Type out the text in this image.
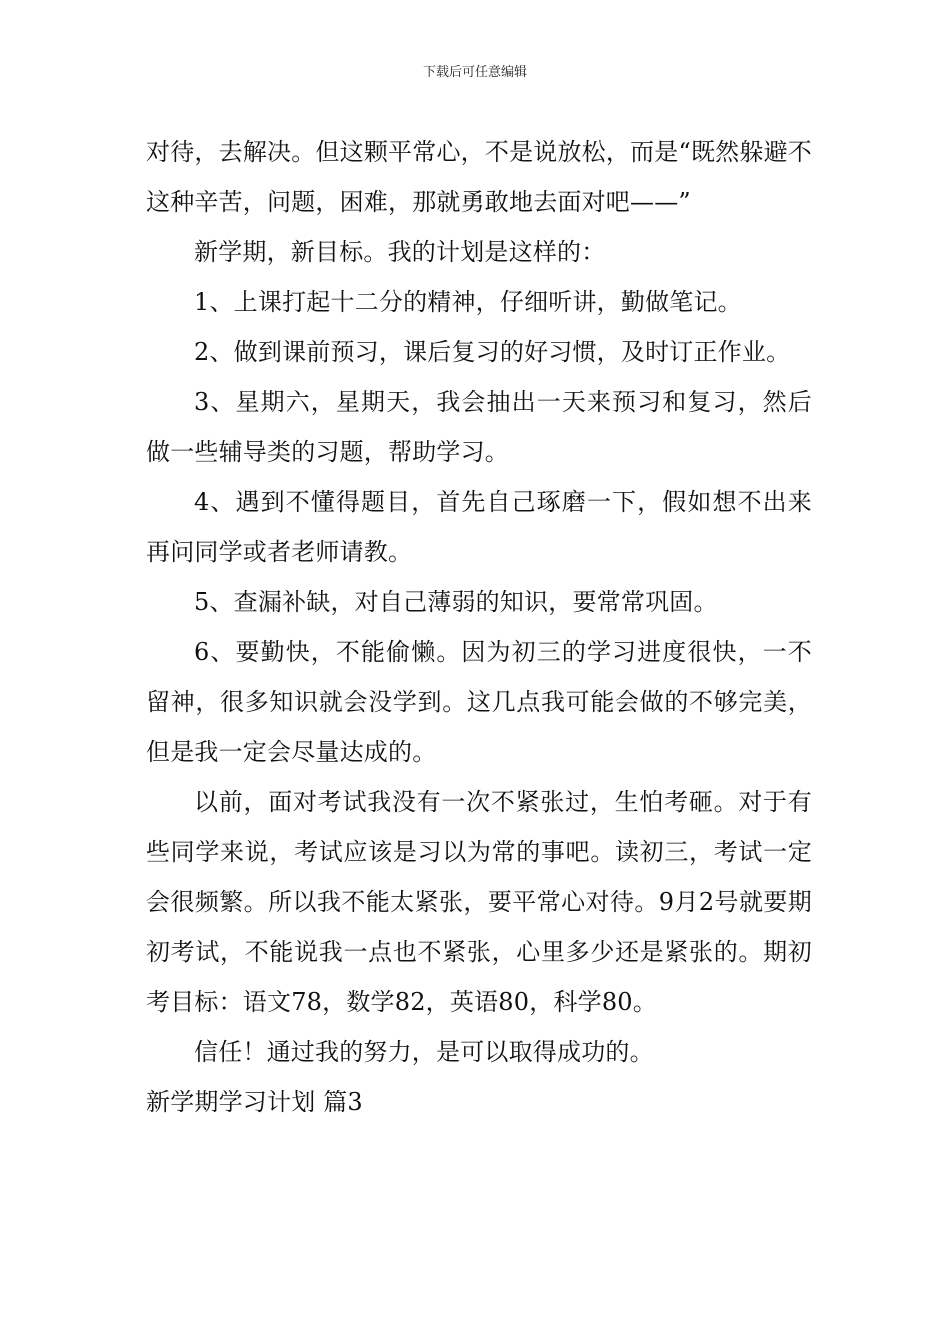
下载后可任意编辑

对待，去解决。但这颗平常心，不是说放松，而是“既然躲避不这种辛苦，问题，困难，那就勇敢地去面对吧——”

新学期，新目标。我的计划是这样的：

1、上课打起十二分的精神，仔细听讲，勤做笔记。

2、做到课前预习，课后复习的好习惯，及时订正作业。

3、星期六，星期天，我会抽出一天来预习和复习，然后做一些辅导类的习题，帮助学习。

4、遇到不懂得题目，首先自己琢磨一下，假如想不出来再问同学或者老师请教。

5、查漏补缺，对自己薄弱的知识，要常常巩固。

6、要勤快，不能偷懒。因为初三的学习进度很快，一不留神，很多知识就会没学到。这几点我可能会做的不够完美，但是我一定会尽量达成的。

以前，面对考试我没有一次不紧张过，生怕考砸。对于有些同学来说，考试应该是习以为常的事吧。读初三，考试一定会很频繁。所以我不能太紧张，要平常心对待。9月2号就要期初考试，不能说我一点也不紧张，心里多少还是紧张的。期初考目标：语文78，数学82，英语80，科学80。

信任！通过我的努力，是可以取得成功的。

新学期学习计划 篇3
